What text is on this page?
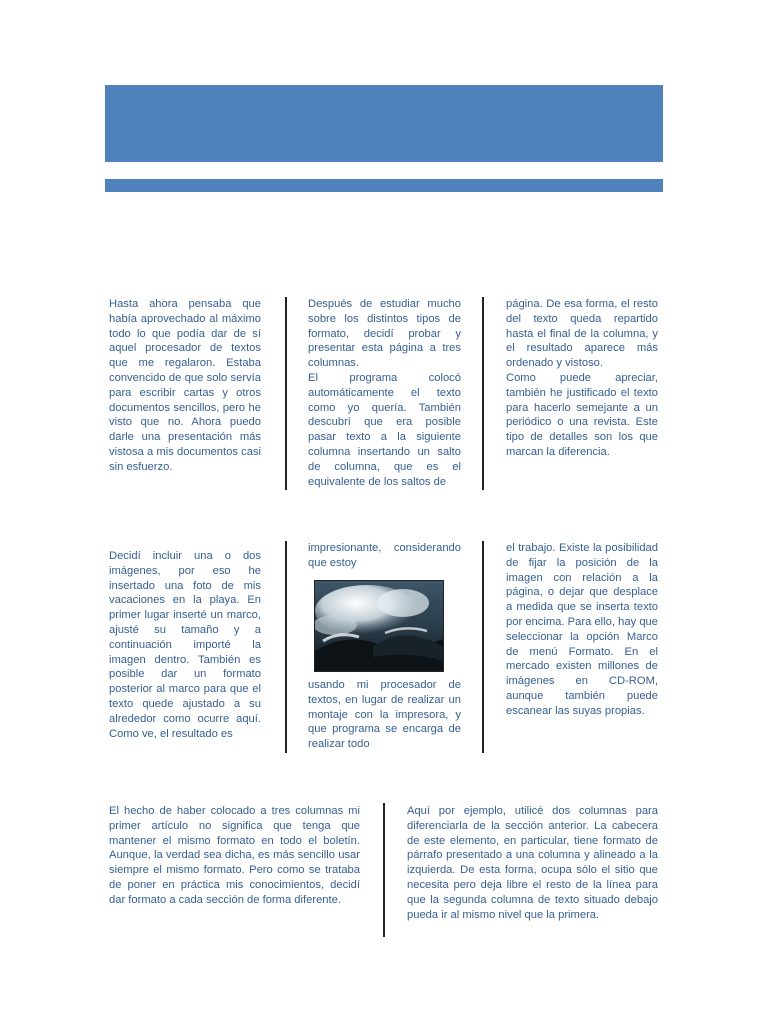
Hasta ahora pensaba que había aprovechado al máximo todo lo que podía dar de sí aquel procesador de textos que me regalaron. Estaba convencido de que solo servía para escribir cartas y otros documentos sencillos, pero he visto que no. Ahora puedo darle una presentación más vistosa a mis documentos casi sin esfuerzo.

Después de estudiar mucho sobre los distintos tipos de formato, decidí probar y presentar esta página a tres columnas.

El programa colocó automáticamente el texto como yo quería. También descubrí que era posible pasar texto a la siguiente columna insertando un salto de columna, que es el equivalente de los saltos de

página. De esa forma, el resto del texto queda repartido hasta el final de la columna, y el resultado aparece más ordenado y vistoso.

Como puede apreciar, también he justificado el texto para hacerlo semejante a un periódico o una revista. Este tipo de detalles son los que marcan la diferencia.

Decidí incluir una o dos imágenes, por eso he insertado una foto de mis vacaciones en la playa. En primer lugar inserté un marco, ajusté su tamaño y a continuación importé la imagen dentro. También es posible dar un formato posterior al marco para que el texto quede ajustado a su alrededor como ocurre aquí. Como ve, el resultado es

impresionante, considerando que estoy

usando mi procesador de textos, en lugar de realizar un montaje con la impresora, y que programa se encarga de realizar todo

el trabajo. Existe la posibilidad de fijar la posición de la imagen con relación a la página, o dejar que desplace a medida que se inserta texto por encima. Para ello, hay que seleccionar la opción Marco de menú Formato. En el mercado existen millones de imágenes en CD-ROM, aunque también puede escanear las suyas propias.

El hecho de haber colocado a tres columnas mi primer artículo no significa que tenga que mantener el mismo formato en todo el boletín. Aunque, la verdad sea dicha, es más sencillo usar siempre el mismo formato. Pero como se trataba de poner en práctica mis conocimientos, decidí dar formato a cada sección de forma diferente.

Aquí por ejemplo, utilicé dos columnas para diferenciarla de la sección anterior. La cabecera de este elemento, en particular, tiene formato de párrafo presentado a una columna y alineado a la izquierda. De esta forma, ocupa sólo el sitio que necesita pero deja libre el resto de la línea para que la segunda columna de texto situado debajo pueda ir al mismo nivel que la primera.
